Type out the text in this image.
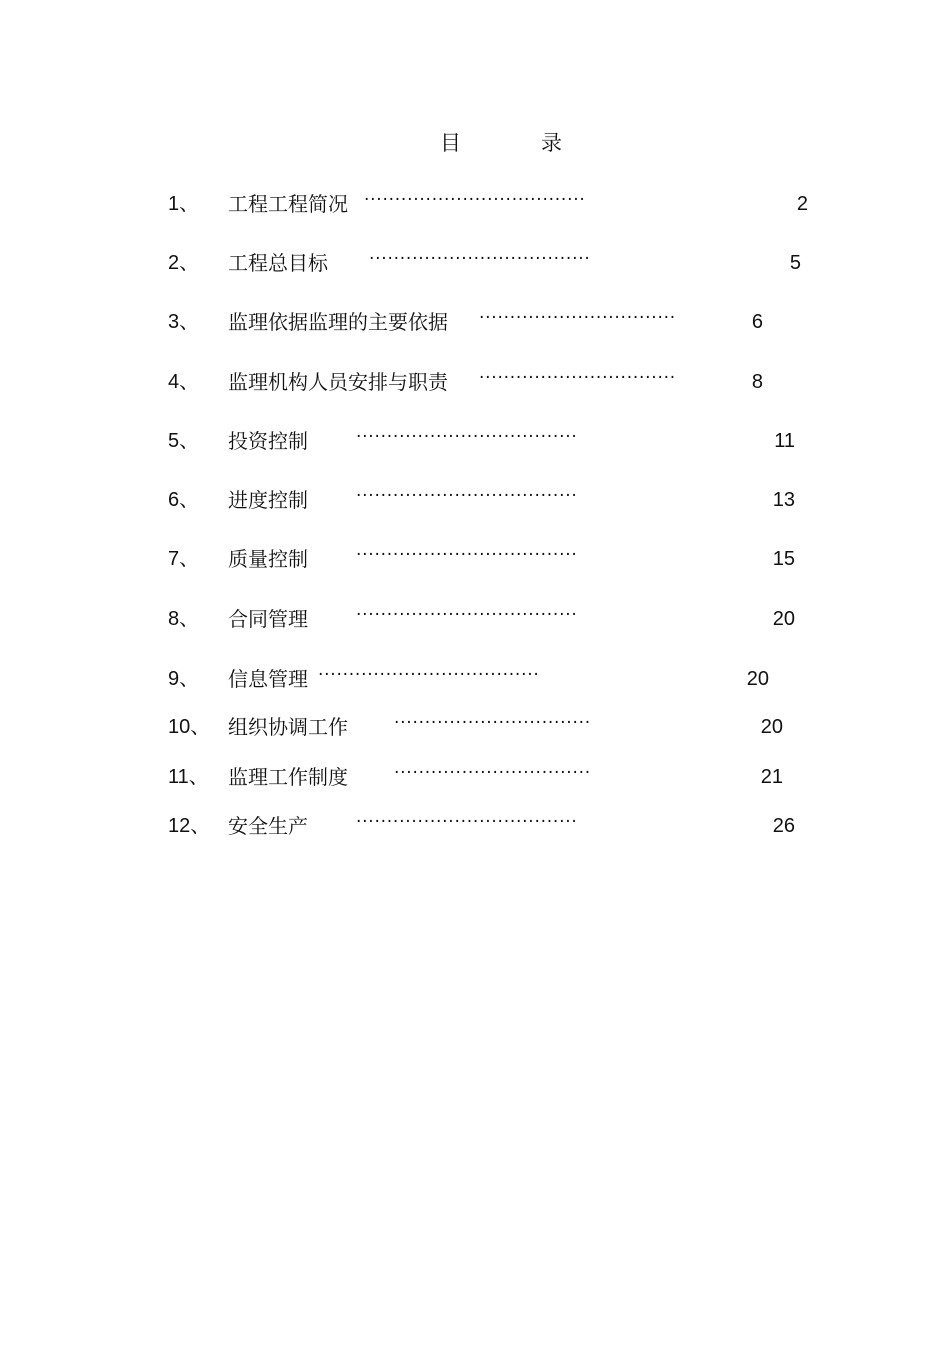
目	录
1、 工程工程简况 ····································	2
2、 工程总目标 ····································	5
3、 监理依据监理的主要依据 ································	6
4、 监理机构人员安排与职责 ································	8
5、 投资控制	····································	11
6、 进度控制	····································	13
7、 质量控制	····································	15
8、 合同管理	····································	20
9、 信息管理 ····································	20
10、 组织协调工作	································	20
11、 监理工作制度	································	21
12、 安全生产	····································	26
